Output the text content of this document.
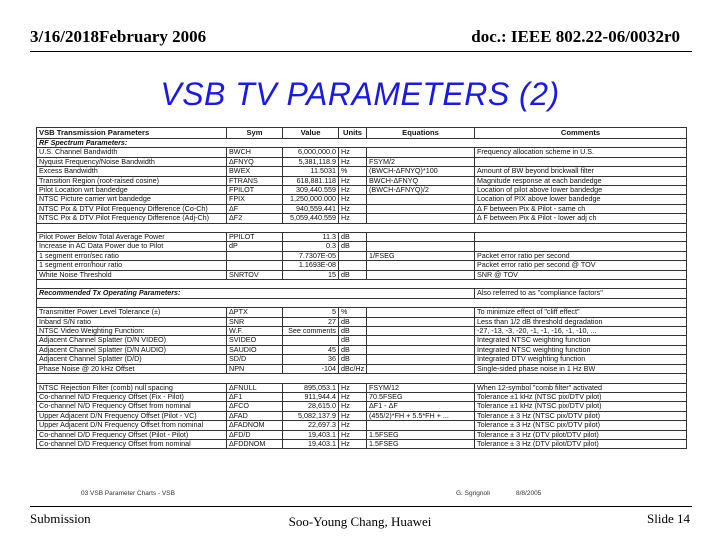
3/16/2018February 2006	doc.: IEEE 802.22-06/0032r0
VSB TV PARAMETERS (2)
VSB Transmission Parameters	Sym	Value	Units	Equations	Comments
RF Spectrum Parameters:					
U.S. Channel Bandwidth	BWCH	6,000,000.0	Hz		Frequency allocation scheme in U.S.
Nyquist Frequency/Noise Bandwidth	ΔFNYQ	5,381,118.9	Hz	FSYM/2	
Excess Bandwidth	BWEX	11.5031	%	(BWCH-ΔFNYQ)*100	Amount of BW beyond brickwall filter
Transition Region (root-raised cosine)	FTRANS	618,881.118	Hz	BWCH-ΔFNYQ	Magnitude response at each bandedge
Pilot Location wrt bandedge	FPILOT	309,440.559	Hz	(BWCH-ΔFNYQ)/2	Location of pilot above lower bandedge
NTSC Picture carrier wrt bandedge	FPIX	1,250,000.000	Hz		Location of PIX above lower bandedge
NTSC Pix & DTV Pilot Frequency Difference (Co-Ch)	ΔF	940,559.441	Hz		Δ F between Pix & Pilot - same ch
NTSC Pix & DTV Pilot Frequency Difference (Adj-Ch)	ΔF2	5,059,440.559	Hz		Δ F between Pix & Pilot - lower adj ch

Pilot Power Below Total Average Power	PPILOT	11.3	dB		
Increase in AC Data Power due to Pilot	dP	0.3	dB		
1 segment error/sec ratio		7.7307E-05		1/FSEG	Packet error ratio per second
1 segment error/hour ratio		1.1693E-08			Packet error ratio per second @ TOV
White Noise Threshold	SNRTOV	15	dB		SNR @ TOV

Recommended Tx Operating Parameters:					Also referred to as "compliance factors"

Transmitter Power Level Tolerance (±)	ΔPTX	5	%		To minimize effect of "cliff effect"
Inband S/N ratio	SNR	27	dB		Less than 1/2 dB threshold degradation
NTSC Video Weighting Function:	W.F.	See comments	dB		-27, -13, -3, -20, -1, -1, -16, -1, -10, ...
Adjacent Channel Splatter (D/N VIDEO)	SVIDEO		dB		Integrated NTSC weighting function
Adjacent Channel Splatter (D/N AUDIO)	SAUDIO	45	dB		Integrated NTSC weighting function
Adjacent Channel Splatter (D/D)	SD/D	36	dB		Integrated DTV weighting function
Phase Noise @ 20 kHz Offset	NPN	-104	dBc/Hz		Single-sided phase noise in 1 Hz BW

NTSC Rejection Filter (comb) null spacing	ΔFNULL	895,053.1	Hz	FSYM/12	When 12-symbol "comb filter" activated
Co-channel N/D Frequency Offset (Fix - Pilot)	ΔF1	911,944.4	Hz	70.5FSEG	Tolerance ±1 kHz (NTSC pix/DTV pilot)
Co-channel N/D Frequency Offset from nominal	ΔFCO	28,615.0	Hz	ΔF1 - ΔF	Tolerance ±1 kHz (NTSC pix/DTV pilot)
Upper Adjacent D/N Frequency Offset (Pilot - VC)	ΔFAD	5,082,137.9	Hz	(455/2)*FH + 5.5*FH + ...	Tolerance ± 3 Hz (NTSC pix/DTV pilot)
Upper Adjacent D/N Frequency Offset from nominal	ΔFADNOM	22,697.3	Hz		Tolerance ± 3 Hz (NTSC pix/DTV pilot)
Co-channel D/D Frequency Offset (Pilot - Pilot)	ΔFD/D	19,403.1	Hz	1.5FSEG	Tolerance ± 3 Hz (DTV pilot/DTV pilot)
Co-channel D/D Frequency Offset from nominal	ΔFDDNOM	19,403.1	Hz	1.5FSEG	Tolerance ± 3 Hz (DTV pilot/DTV pilot)
03 VSB Parameter Charts - VSB	G. Sgrignoli	8/8/2005
Submission	Soo-Young Chang, Huawei	Slide 14
